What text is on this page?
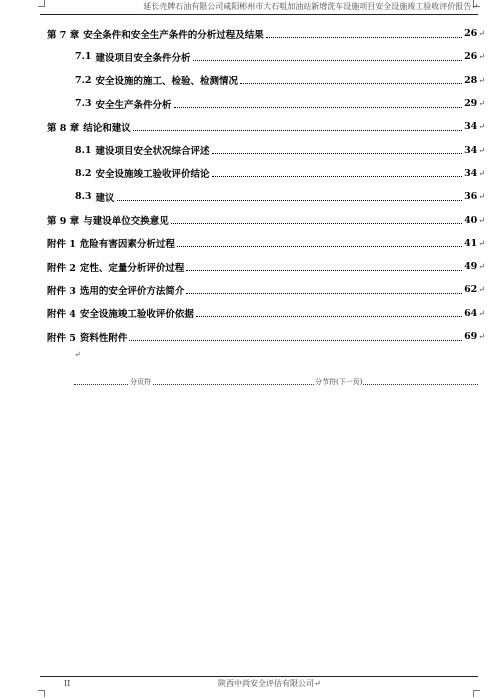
延长壳牌石油有限公司咸阳彬州市大石咀加油站新增洗车设施项目安全设施竣工验收评价报告↵
第 7 章 安全条件和安全生产条件的分析过程及结果	26 ↵
7.1 建设项目安全条件分析	26 ↵
7.2 安全设施的施工、检验、检测情况	28 ↵
7.3 安全生产条件分析	29 ↵
第 8 章 结论和建议	34 ↵
8.1 建设项目安全状况综合评述	34 ↵
8.2 安全设施竣工验收评价结论	34 ↵
8.3 建议	36 ↵
第 9 章 与建设单位交换意见	40 ↵
附件 1 危险有害因素分析过程	41 ↵
附件 2 定性、定量分析评价过程	49 ↵
附件 3 选用的安全评价方法简介	62 ↵
附件 4 安全设施竣工验收评价依据	64 ↵
附件 5 资料性附件	69 ↵
↵
分页符	分节符(下一页)
II	陕西中尚安全评估有限公司↵
